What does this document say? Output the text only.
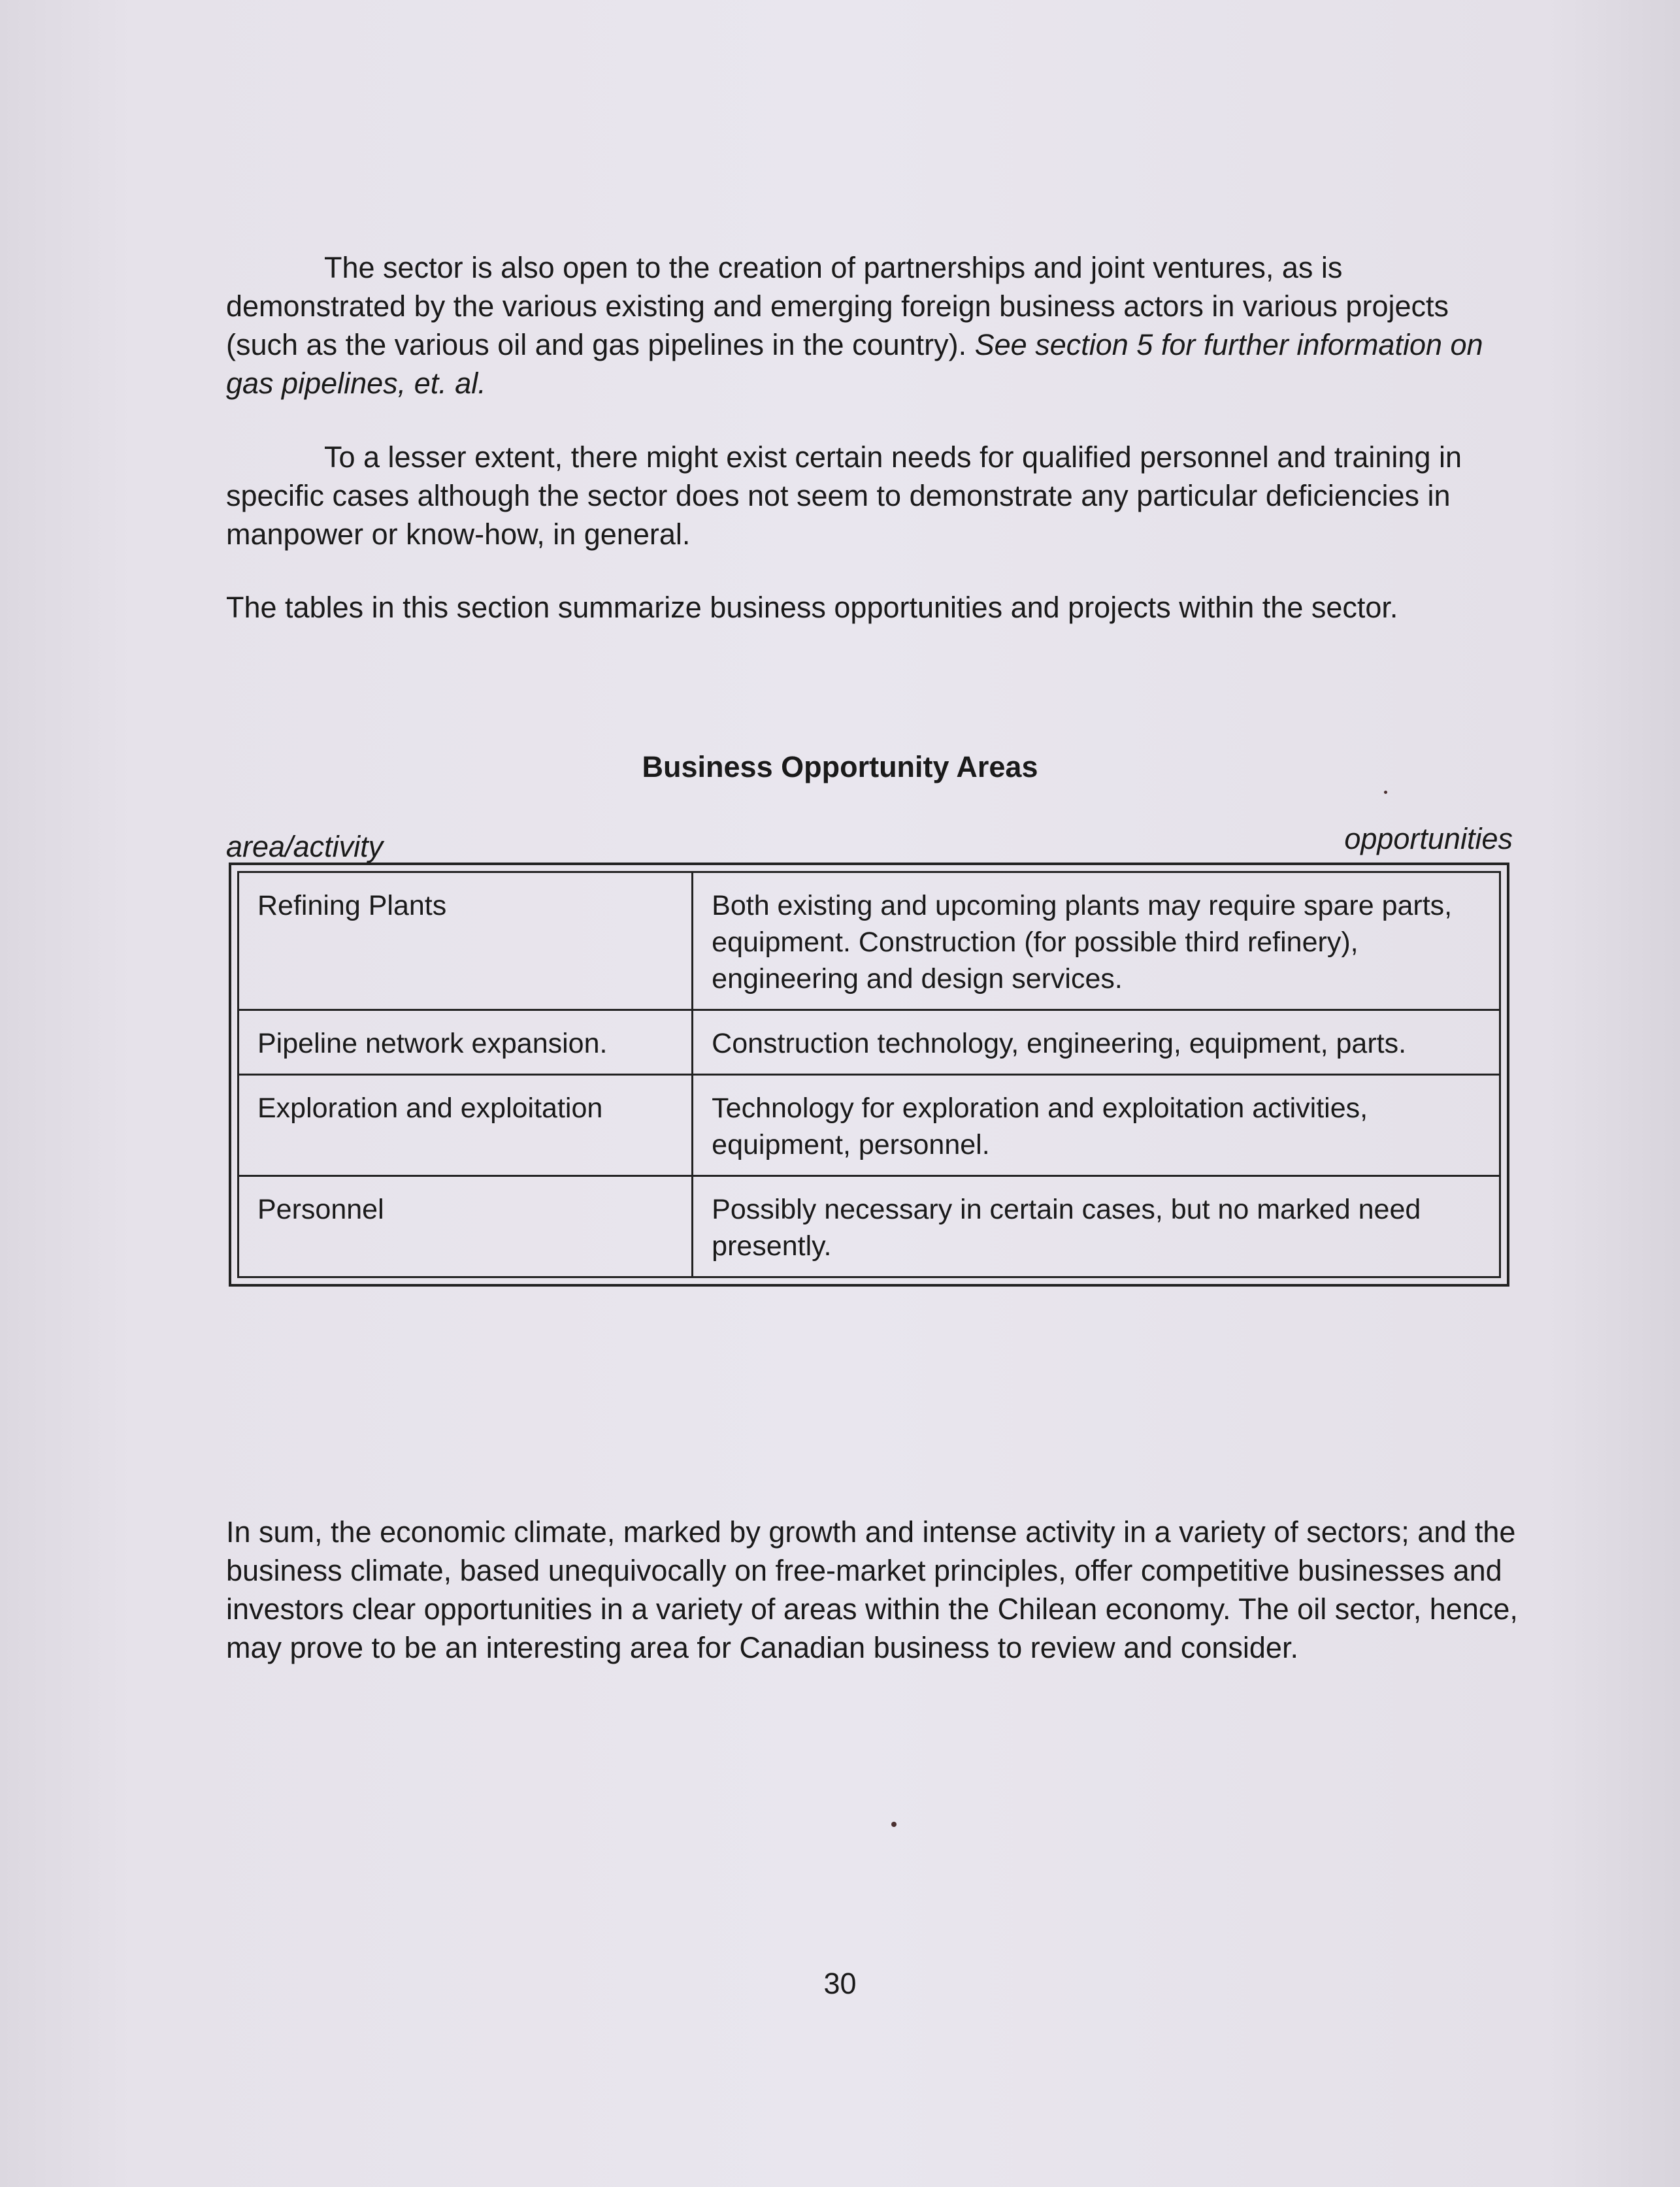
The sector is also open to the creation of partnerships and joint ventures, as is demonstrated by the various existing and emerging foreign business actors in various projects (such as the various oil and gas pipelines in the country). See section 5 for further information on gas pipelines, et. al.

To a lesser extent, there might exist certain needs for qualified personnel and training in specific cases although the sector does not seem to demonstrate any particular deficiencies in manpower or know-how, in general.

The tables in this section summarize business opportunities and projects within the sector.

Business Opportunity Areas

area/activity	opportunities
Refining Plants	Both existing and upcoming plants may require spare parts, equipment. Construction (for possible third refinery), engineering and design services.
Pipeline network expansion.	Construction technology, engineering, equipment, parts.
Exploration and exploitation	Technology for exploration and exploitation activities, equipment, personnel.
Personnel	Possibly necessary in certain cases, but no marked need presently.

In sum, the economic climate, marked by growth and intense activity in a variety of sectors; and the business climate, based unequivocally on free-market principles, offer competitive businesses and investors clear opportunities in a variety of areas within the Chilean economy. The oil sector, hence, may prove to be an interesting area for Canadian business to review and consider.

30
